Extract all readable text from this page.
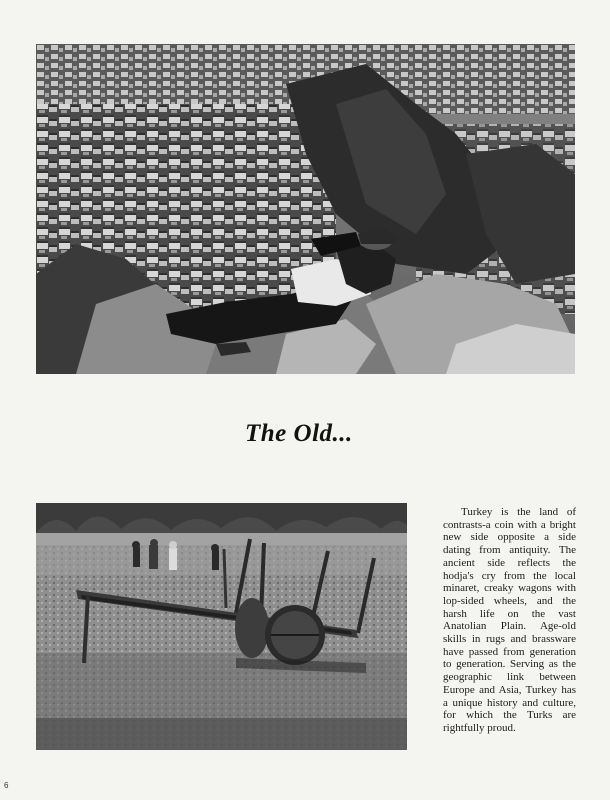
The Old...

Turkey is the land of contrasts-a coin with a bright new side opposite a side dating from antiquity. The ancient side reflects the hodja's cry from the local minaret, creaky wagons with lop-sided wheels, and the harsh life on the vast Anatolian Plain. Age-old skills in rugs and brassware have passed from generation to generation. Serving as the geographic link between Europe and Asia, Turkey has a unique history and culture, for which the Turks are rightfully proud.

6
